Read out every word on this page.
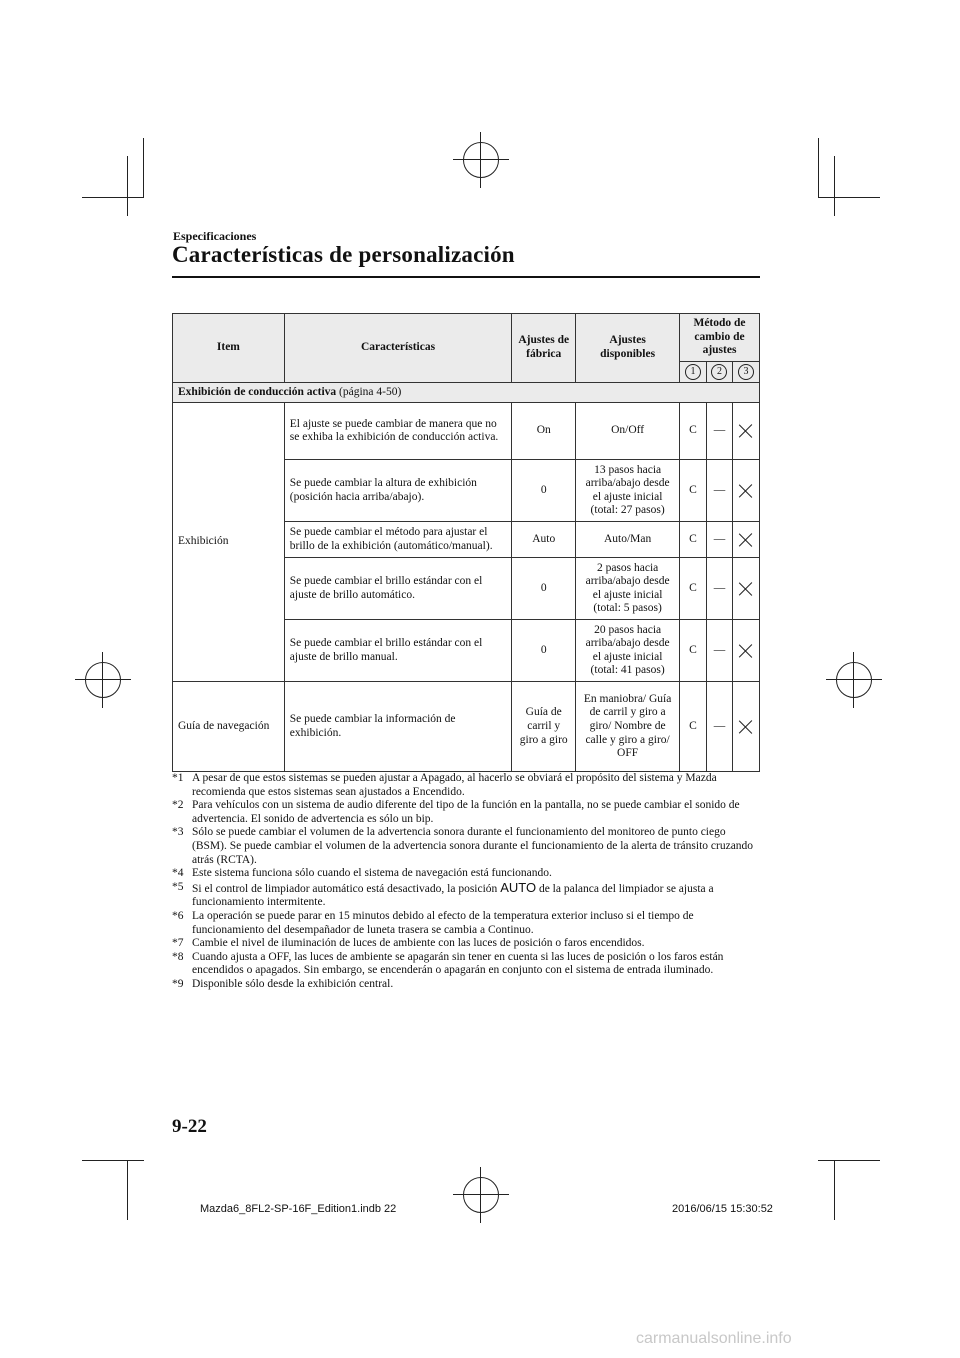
Especificaciones
Características de personalización
Item	Características	Ajustes de fábrica	Ajustes disponibles	Método de cambio de ajustes		
				1	2	3
Exhibición de conducción activa (página 4-50)						
Exhibición	El ajuste se puede cambiar de manera que no se exhiba la exhibición de conducción activa.	On	On/Off	C	—	
	Se puede cambiar la altura de exhibición (posición hacia arriba/abajo).	0	13 pasos hacia arriba/abajo desde el ajuste inicial (total: 27 pasos)	C	—	
	Se puede cambiar el método para ajustar el brillo de la exhibición (automático/manual).	Auto	Auto/Man	C	—	
	Se puede cambiar el brillo estándar con el ajuste de brillo automático.	0	2 pasos hacia arriba/abajo desde el ajuste inicial (total: 5 pasos)	C	—	
	Se puede cambiar el brillo estándar con el ajuste de brillo manual.	0	20 pasos hacia arriba/abajo desde el ajuste inicial (total: 41 pasos)	C	—	
Guía de navegación	Se puede cambiar la información de exhibición.	Guía de carril y giro a giro	En maniobra/ Guía de carril y giro a giro/ Nombre de calle y giro a giro/ OFF	C	—	
*1 A pesar de que estos sistemas se pueden ajustar a Apagado, al hacerlo se obviará el propósito del sistema y Mazda recomienda que estos sistemas sean ajustados a Encendido.
*2 Para vehículos con un sistema de audio diferente del tipo de la función en la pantalla, no se puede cambiar el sonido de advertencia. El sonido de advertencia es sólo un bip.
*3 Sólo se puede cambiar el volumen de la advertencia sonora durante el funcionamiento del monitoreo de punto ciego (BSM). Se puede cambiar el volumen de la advertencia sonora durante el funcionamiento de la alerta de tránsito cruzando atrás (RCTA).
*4 Este sistema funciona sólo cuando el sistema de navegación está funcionando.
*5 Si el control de limpiador automático está desactivado, la posición AUTO de la palanca del limpiador se ajusta a funcionamiento intermitente.
*6 La operación se puede parar en 15 minutos debido al efecto de la temperatura exterior incluso si el tiempo de funcionamiento del desempañador de luneta trasera se cambia a Continuo.
*7 Cambie el nivel de iluminación de luces de ambiente con las luces de posición o faros encendidos.
*8 Cuando ajusta a OFF, las luces de ambiente se apagarán sin tener en cuenta si las luces de posición o los faros están encendidos o apagados. Sin embargo, se encenderán o apagarán en conjunto con el sistema de entrada iluminado.
*9 Disponible sólo desde la exhibición central.
9-22
Mazda6_8FL2-SP-16F_Edition1.indb 22	2016/06/15 15:30:52
carmanualsonline.info
